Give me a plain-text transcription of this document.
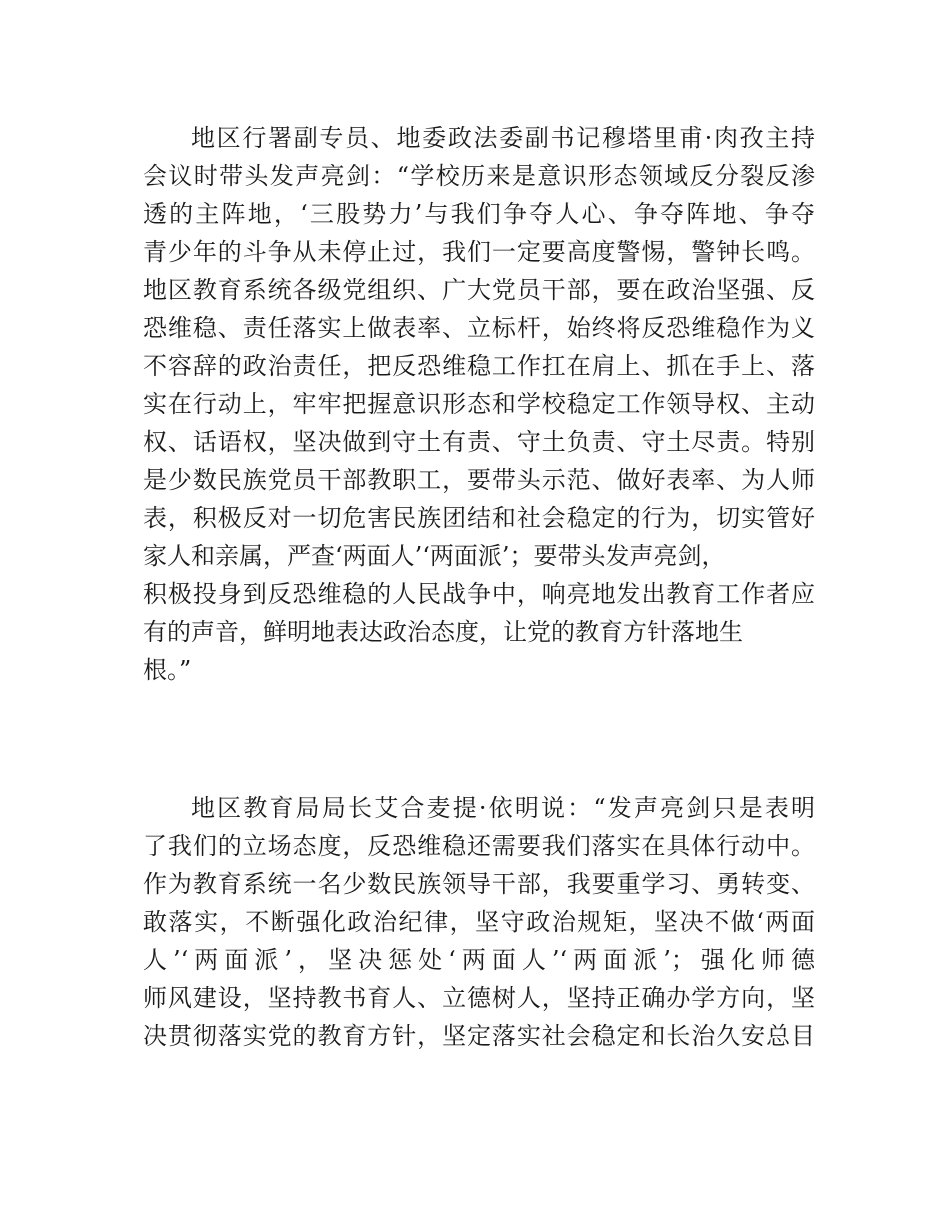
地区行署副专员、地委政法委副书记穆塔里甫·肉孜主持
会议时带头发声亮剑：“学校历来是意识形态领域反分裂反渗
透的主阵地，‘三股势力’与我们争夺人心、争夺阵地、争夺
青少年的斗争从未停止过，我们一定要高度警惕，警钟长鸣。
地区教育系统各级党组织、广大党员干部，要在政治坚强、反
恐维稳、责任落实上做表率、立标杆，始终将反恐维稳作为义
不容辞的政治责任，把反恐维稳工作扛在肩上、抓在手上、落
实在行动上，牢牢把握意识形态和学校稳定工作领导权、主动
权、话语权，坚决做到守土有责、守土负责、守土尽责。特别
是少数民族党员干部教职工，要带头示范、做好表率、为人师
表，积极反对一切危害民族团结和社会稳定的行为，切实管好
家人和亲属，严查‘两面人’‘两面派’；要带头发声亮剑，
积极投身到反恐维稳的人民战争中，响亮地发出教育工作者应
有的声音，鲜明地表达政治态度，让党的教育方针落地生
根。”
地区教育局局长艾合麦提·依明说：“发声亮剑只是表明
了我们的立场态度，反恐维稳还需要我们落实在具体行动中。
作为教育系统一名少数民族领导干部，我要重学习、勇转变、
敢落实，不断强化政治纪律，坚守政治规矩，坚决不做‘两面
人’‘两面派’，坚决惩处‘两面人’‘两面派’；强化师德
师风建设，坚持教书育人、立德树人，坚持正确办学方向，坚
决贯彻落实党的教育方针，坚定落实社会稳定和长治久安总目
